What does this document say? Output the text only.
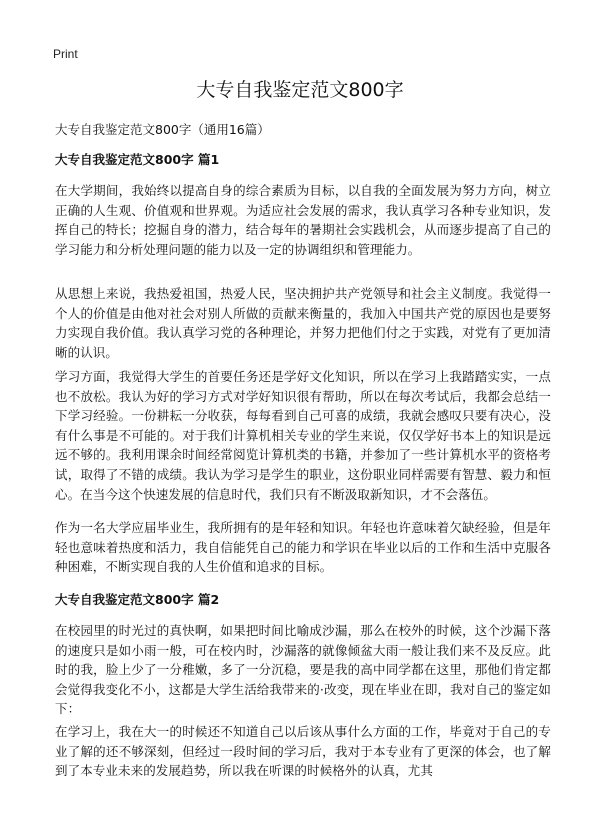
Print
大专自我鉴定范文800字
大专自我鉴定范文800字（通用16篇）
大专自我鉴定范文800字 篇1

在大学期间，我始终以提高自身的综合素质为目标，以自我的全面发展为努力方向，树立正确的人生观、价值观和世界观。为适应社会发展的需求，我认真学习各种专业知识，发挥自己的特长；挖掘自身的潜力，结合每年的暑期社会实践机会，从而逐步提高了自己的学习能力和分析处理问题的能力以及一定的协调组织和管理能力。

从思想上来说，我热爱祖国，热爱人民，坚决拥护共产党领导和社会主义制度。我觉得一个人的价值是由他对社会对别人所做的贡献来衡量的，我加入中国共产党的原因也是要努力实现自我价值。我认真学习党的各种理论，并努力把他们付之于实践，对党有了更加清晰的认识。

学习方面，我觉得大学生的首要任务还是学好文化知识，所以在学习上我踏踏实实，一点也不放松。我认为好的学习方式对学好知识很有帮助，所以在每次考试后，我都会总结一下学习经验。一份耕耘一分收获，每每看到自己可喜的成绩，我就会感叹只要有决心，没有什么事是不可能的。对于我们计算机相关专业的学生来说，仅仅学好书本上的知识是远远不够的。我利用课余时间经常阅览计算机类的书籍，并参加了一些计算机水平的资格考试，取得了不错的成绩。我认为学习是学生的职业，这份职业同样需要有智慧、毅力和恒心。在当今这个快速发展的信息时代，我们只有不断汲取新知识，才不会落伍。

作为一名大学应届毕业生，我所拥有的是年轻和知识。年轻也许意味着欠缺经验，但是年轻也意味着热度和活力，我自信能凭自己的能力和学识在毕业以后的工作和生活中克服各种困难，不断实现自我的人生价值和追求的目标。

大专自我鉴定范文800字 篇2

在校园里的时光过的真快啊，如果把时间比喻成沙漏，那么在校外的时候，这个沙漏下落的速度只是如小雨一般，可在校内时，沙漏落的就像倾盆大雨一般让我们来不及反应。此时的我，脸上少了一分稚嫩，多了一分沉稳，要是我的高中同学都在这里，那他们肯定都会觉得我变化不小，这都是大学生活给我带来的·改变，现在毕业在即，我对自己的鉴定如下：

在学习上，我在大一的时候还不知道自己以后该从事什么方面的工作，毕竟对于自己的专业了解的还不够深刻，但经过一段时间的学习后，我对于本专业有了更深的体会，也了解到了本专业未来的发展趋势，所以我在听课的时候格外的认真，尤其
